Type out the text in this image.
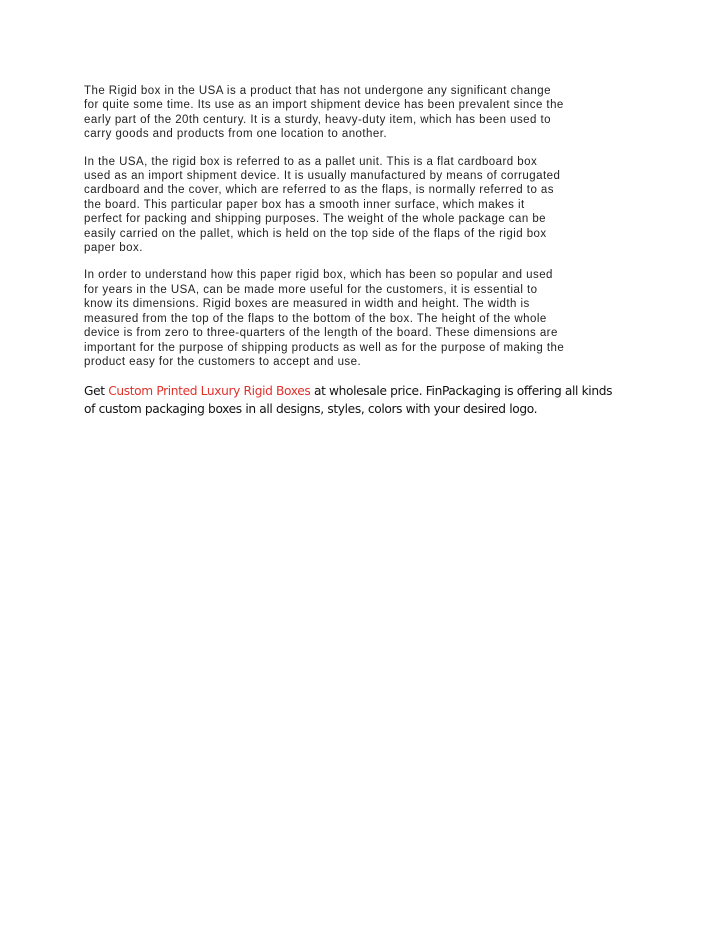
The Rigid box in the USA is a product that has not undergone any significant change
for quite some time. Its use as an import shipment device has been prevalent since the
early part of the 20th century. It is a sturdy, heavy-duty item, which has been used to
carry goods and products from one location to another.

In the USA, the rigid box is referred to as a pallet unit. This is a flat cardboard box
used as an import shipment device. It is usually manufactured by means of corrugated
cardboard and the cover, which are referred to as the flaps, is normally referred to as
the board. This particular paper box has a smooth inner surface, which makes it
perfect for packing and shipping purposes. The weight of the whole package can be
easily carried on the pallet, which is held on the top side of the flaps of the rigid box
paper box.

In order to understand how this paper rigid box, which has been so popular and used
for years in the USA, can be made more useful for the customers, it is essential to
know its dimensions. Rigid boxes are measured in width and height. The width is
measured from the top of the flaps to the bottom of the box. The height of the whole
device is from zero to three-quarters of the length of the board. These dimensions are
important for the purpose of shipping products as well as for the purpose of making the
product easy for the customers to accept and use.

Get Custom Printed Luxury Rigid Boxes at wholesale price. FinPackaging is offering all kinds
of custom packaging boxes in all designs, styles, colors with your desired logo.
